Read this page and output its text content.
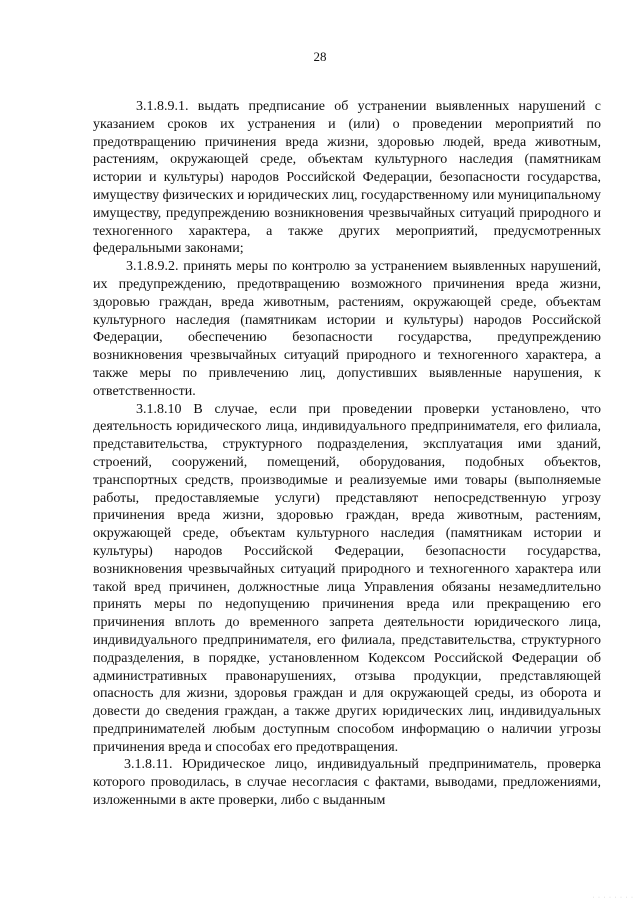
28

3.1.8.9.1. выдать предписание об устранении выявленных нарушений с указанием сроков их устранения и (или) о проведении мероприятий по предотвращению причинения вреда жизни, здоровью людей, вреда животным, растениям, окружающей среде, объектам культурного наследия (памятникам истории и культуры) народов Российской Федерации, безопасности государства, имуществу физических и юридических лиц, государственному или муниципальному имуществу, предупреждению возникновения чрезвычайных ситуаций природного и техногенного характера, а также других мероприятий, предусмотренных федеральными законами;

3.1.8.9.2. принять меры по контролю за устранением выявленных нарушений, их предупреждению, предотвращению возможного причинения вреда жизни, здоровью граждан, вреда животным, растениям, окружающей среде, объектам культурного наследия (памятникам истории и культуры) народов Российской Федерации, обеспечению безопасности государства, предупреждению возникновения чрезвычайных ситуаций природного и техногенного характера, а также меры по привлечению лиц, допустивших выявленные нарушения, к ответственности.

3.1.8.10 В случае, если при проведении проверки установлено, что деятельность юридического лица, индивидуального предпринимателя, его филиала, представительства, структурного подразделения, эксплуатация ими зданий, строений, сооружений, помещений, оборудования, подобных объектов, транспортных средств, производимые и реализуемые ими товары (выполняемые работы, предоставляемые услуги) представляют непосредственную угрозу причинения вреда жизни, здоровью граждан, вреда животным, растениям, окружающей среде, объектам культурного наследия (памятникам истории и культуры) народов Российской Федерации, безопасности государства, возникновения чрезвычайных ситуаций природного и техногенного характера или такой вред причинен, должностные лица Управления обязаны незамедлительно принять меры по недопущению причинения вреда или прекращению его причинения вплоть до временного запрета деятельности юридического лица, индивидуального предпринимателя, его филиала, представительства, структурного подразделения, в порядке, установленном Кодексом Российской Федерации об административных правонарушениях, отзыва продукции, представляющей опасность для жизни, здоровья граждан и для окружающей среды, из оборота и довести до сведения граждан, а также других юридических лиц, индивидуальных предпринимателей любым доступным способом информацию о наличии угрозы причинения вреда и способах его предотвращения.

3.1.8.11. Юридическое лицо, индивидуальный предприниматель, проверка которого проводилась, в случае несогласия с фактами, выводами, предложениями, изложенными в акте проверки, либо с выданным

· · · · · · · ·
